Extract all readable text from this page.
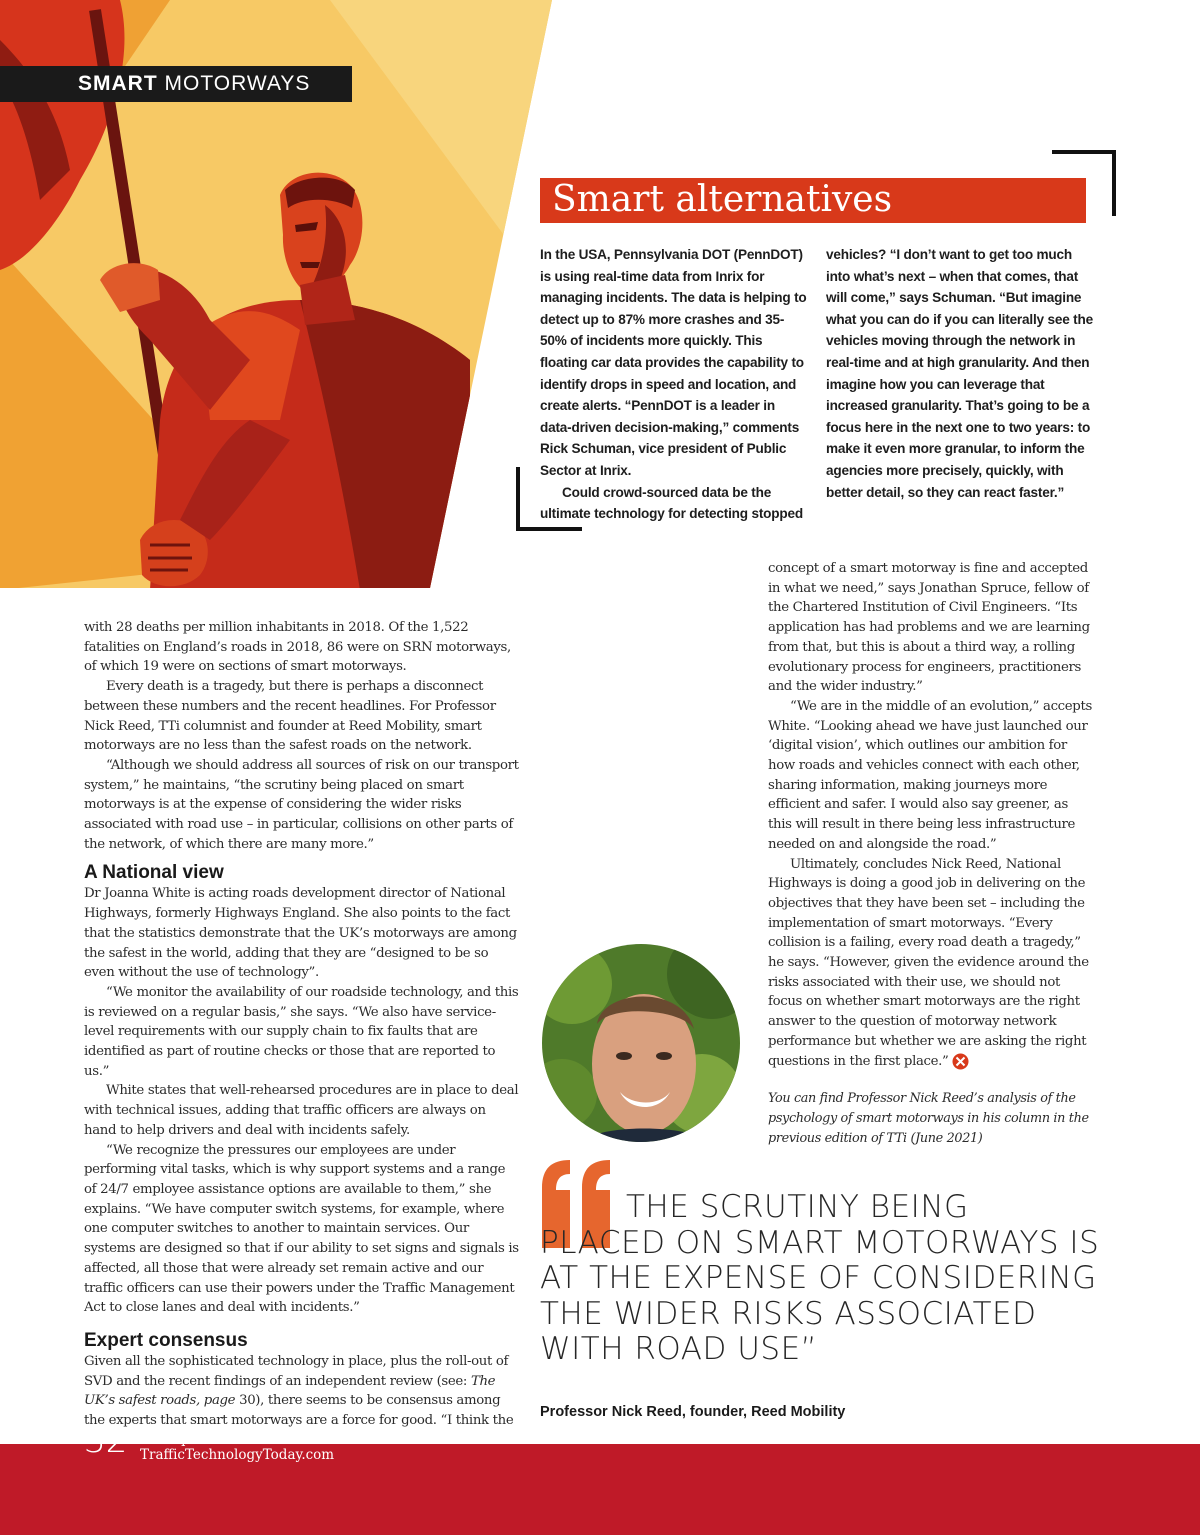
SMART MOTORWAYS
Smart alternatives

In the USA, Pennsylvania DOT (PennDOT) is using real-time data from Inrix for managing incidents. The data is helping to detect up to 87% more crashes and 35-50% of incidents more quickly. This floating car data provides the capability to identify drops in speed and location, and create alerts. “PennDOT is a leader in data-driven decision-making,” comments Rick Schuman, vice president of Public Sector at Inrix.

Could crowd-sourced data be the ultimate technology for detecting stopped

vehicles? “I don’t want to get too much into what’s next – when that comes, that will come,” says Schuman. “But imagine what you can do if you can literally see the vehicles moving through the network in real-time and at high granularity. And then imagine how you can leverage that increased granularity. That’s going to be a focus here in the next one to two years: to make it even more granular, to inform the agencies more precisely, quickly, with better detail, so they can react faster.”

with 28 deaths per million inhabitants in 2018. Of the 1,522 fatalities on England’s roads in 2018, 86 were on SRN motorways, of which 19 were on sections of smart motorways.

Every death is a tragedy, but there is perhaps a disconnect between these numbers and the recent headlines. For Professor Nick Reed, TTi columnist and founder at Reed Mobility, smart motorways are no less than the safest roads on the network.

“Although we should address all sources of risk on our transport system,” he maintains, “the scrutiny being placed on smart motorways is at the expense of considering the wider risks associated with road use – in particular, collisions on other parts of the network, of which there are many more.”

A National view

Dr Joanna White is acting roads development director of National Highways, formerly Highways England. She also points to the fact that the statistics demonstrate that the UK’s motorways are among the safest in the world, adding that they are “designed to be so even without the use of technology”.

“We monitor the availability of our roadside technology, and this is reviewed on a regular basis,” she says. “We also have service-level requirements with our supply chain to fix faults that are identified as part of routine checks or those that are reported to us.”

White states that well-rehearsed procedures are in place to deal with technical issues, adding that traffic officers are always on hand to help drivers and deal with incidents safely.

“We recognize the pressures our employees are under performing vital tasks, which is why support systems and a range of 24/7 employee assistance options are available to them,” she explains. “We have computer switch systems, for example, where one computer switches to another to maintain services. Our systems are designed so that if our ability to set signs and signals is affected, all those that were already set remain active and our traffic officers can use their powers under the Traffic Management Act to close lanes and deal with incidents.”

Expert consensus

Given all the sophisticated technology in place, plus the roll-out of SVD and the recent findings of an independent review (see: The UK’s safest roads, page 30), there seems to be consensus among the experts that smart motorways are a force for good. “I think the

concept of a smart motorway is fine and accepted in what we need,” says Jonathan Spruce, fellow of the Chartered Institution of Civil Engineers. “Its application has had problems and we are learning from that, but this is about a third way, a rolling evolutionary process for engineers, practitioners and the wider industry.”

“We are in the middle of an evolution,” accepts White. “Looking ahead we have just launched our ‘digital vision’, which outlines our ambition for how roads and vehicles connect with each other, sharing information, making journeys more efficient and safer. I would also say greener, as this will result in there being less infrastructure needed on and alongside the road.”

Ultimately, concludes Nick Reed, National Highways is doing a good job in delivering on the objectives that they have been set – including the implementation of smart motorways. “Every collision is a failing, every road death a tragedy,” he says. “However, given the evidence around the risks associated with their use, we should not focus on whether smart motorways are the right answer to the question of motorway network performance but whether we are asking the right questions in the first place.”

You can find Professor Nick Reed’s analysis of the psychology of smart motorways in his column in the previous edition of TTi (June 2021)

THE SCRUTINY BEING
PLACED ON SMART MOTORWAYS IS AT THE EXPENSE OF CONSIDERING THE WIDER RISKS ASSOCIATED WITH ROAD USE”
Professor Nick Reed, founder, Reed Mobility
32 tti September 2021
TrafficTechnologyToday.com
